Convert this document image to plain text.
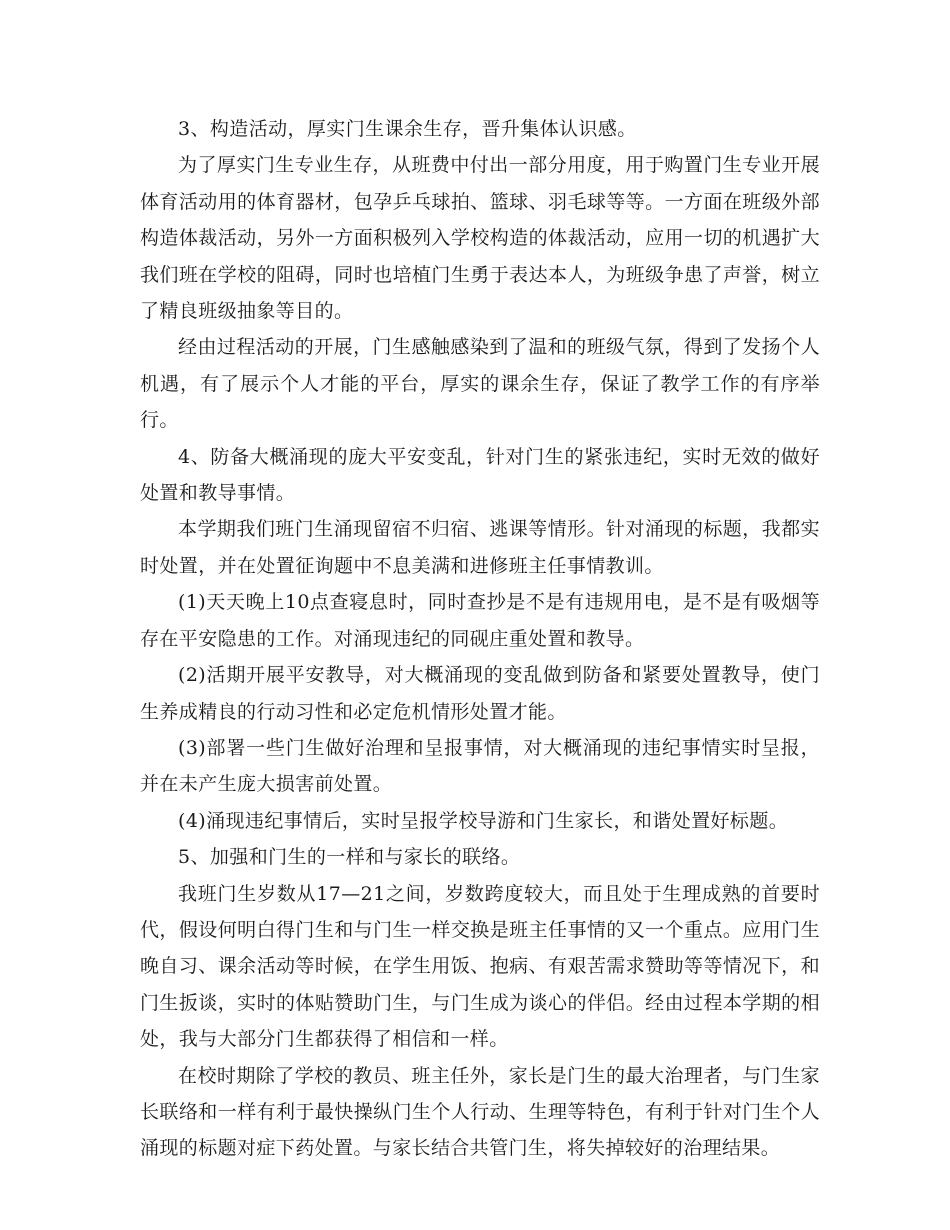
3、构造活动，厚实门生课余生存，晋升集体认识感。

为了厚实门生专业生存，从班费中付出一部分用度，用于购置门生专业开展体育活动用的体育器材，包孕乒乓球拍、篮球、羽毛球等等。一方面在班级外部构造体裁活动，另外一方面积极列入学校构造的体裁活动，应用一切的机遇扩大我们班在学校的阻碍，同时也培植门生勇于表达本人，为班级争患了声誉，树立了精良班级抽象等目的。

经由过程活动的开展，门生感触感染到了温和的班级气氛，得到了发扬个人机遇，有了展示个人才能的平台，厚实的课余生存，保证了教学工作的有序举行。

4、防备大概涌现的庞大平安变乱，针对门生的紧张违纪，实时无效的做好处置和教导事情。

本学期我们班门生涌现留宿不归宿、逃课等情形。针对涌现的标题，我都实时处置，并在处置征询题中不息美满和进修班主任事情教训。

(1)天天晚上10点查寝息时，同时查抄是不是有违规用电，是不是有吸烟等存在平安隐患的工作。对涌现违纪的同砚庄重处置和教导。

(2)活期开展平安教导，对大概涌现的变乱做到防备和紧要处置教导，使门生养成精良的行动习性和必定危机情形处置才能。

(3)部署一些门生做好治理和呈报事情，对大概涌现的违纪事情实时呈报，并在未产生庞大损害前处置。

(4)涌现违纪事情后，实时呈报学校导游和门生家长，和谐处置好标题。

5、加强和门生的一样和与家长的联络。

我班门生岁数从17—21之间，岁数跨度较大，而且处于生理成熟的首要时代，假设何明白得门生和与门生一样交换是班主任事情的又一个重点。应用门生晚自习、课余活动等时候，在学生用饭、抱病、有艰苦需求赞助等等情况下，和门生扳谈，实时的体贴赞助门生，与门生成为谈心的伴侣。经由过程本学期的相处，我与大部分门生都获得了相信和一样。

在校时期除了学校的教员、班主任外，家长是门生的最大治理者，与门生家长联络和一样有利于最快操纵门生个人行动、生理等特色，有利于针对门生个人涌现的标题对症下药处置。与家长结合共管门生，将失掉较好的治理结果。
